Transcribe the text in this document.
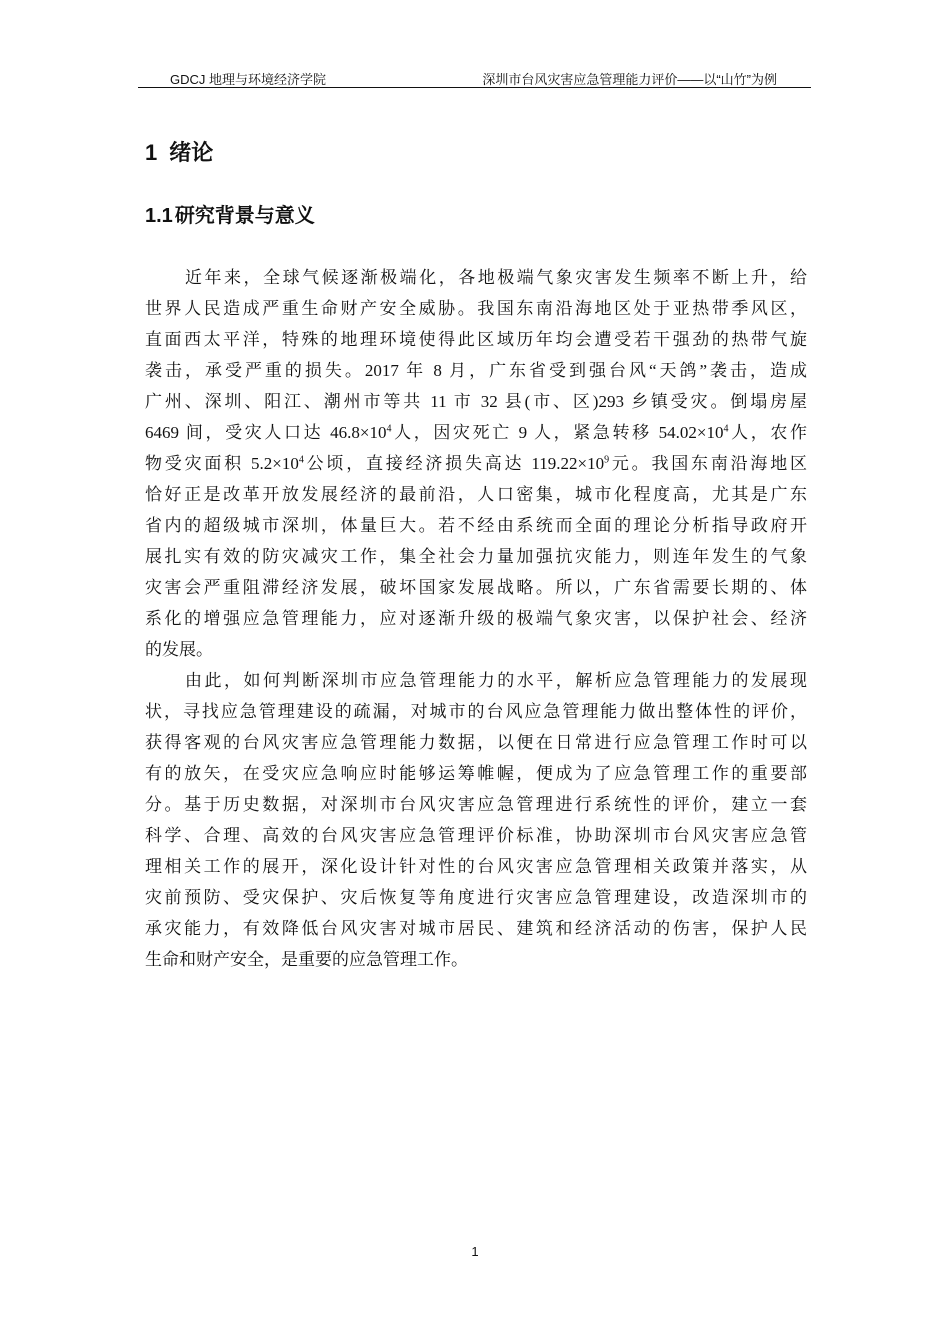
GDCJ 地理与环境经济学院	深圳市台风灾害应急管理能力评价——以“山竹”为例
1 绪论
1.1 研究背景与意义
近年来，全球气候逐渐极端化，各地极端气象灾害发生频率不断上升，给
世界人民造成严重生命财产安全威胁。我国东南沿海地区处于亚热带季风区，
直面西太平洋，特殊的地理环境使得此区域历年均会遭受若干强劲的热带气旋
袭击，承受严重的损失。2017 年 8 月，广东省受到强台风“天鸽”袭击，造成
广州、深圳、阳江、潮州市等共 11 市 32 县(市、区)293 乡镇受灾。倒塌房屋
6469 间，受灾人口达 $46.8\times 10^4$人，因灾死亡 9 人，紧急转移 $54.02\times 10^4$人，农作
物受灾面积 $5.2\times 10^4$公顷，直接经济损失高达 $119.22\times 10^9$元。我国东南沿海地区
恰好正是改革开放发展经济的最前沿，人口密集，城市化程度高，尤其是广东
省内的超级城市深圳，体量巨大。若不经由系统而全面的理论分析指导政府开
展扎实有效的防灾减灾工作，集全社会力量加强抗灾能力，则连年发生的气象
灾害会严重阻滞经济发展，破坏国家发展战略。所以，广东省需要长期的、体
系化的增强应急管理能力，应对逐渐升级的极端气象灾害，以保护社会、经济
的发展。
由此，如何判断深圳市应急管理能力的水平，解析应急管理能力的发展现
状，寻找应急管理建设的疏漏，对城市的台风应急管理能力做出整体性的评价，
获得客观的台风灾害应急管理能力数据，以便在日常进行应急管理工作时可以
有的放矢，在受灾应急响应时能够运筹帷幄，便成为了应急管理工作的重要部
分。基于历史数据，对深圳市台风灾害应急管理进行系统性的评价，建立一套
科学、合理、高效的台风灾害应急管理评价标准，协助深圳市台风灾害应急管
理相关工作的展开，深化设计针对性的台风灾害应急管理相关政策并落实，从
灾前预防、受灾保护、灾后恢复等角度进行灾害应急管理建设，改造深圳市的
承灾能力，有效降低台风灾害对城市居民、建筑和经济活动的伤害，保护人民
生命和财产安全，是重要的应急管理工作。
1
